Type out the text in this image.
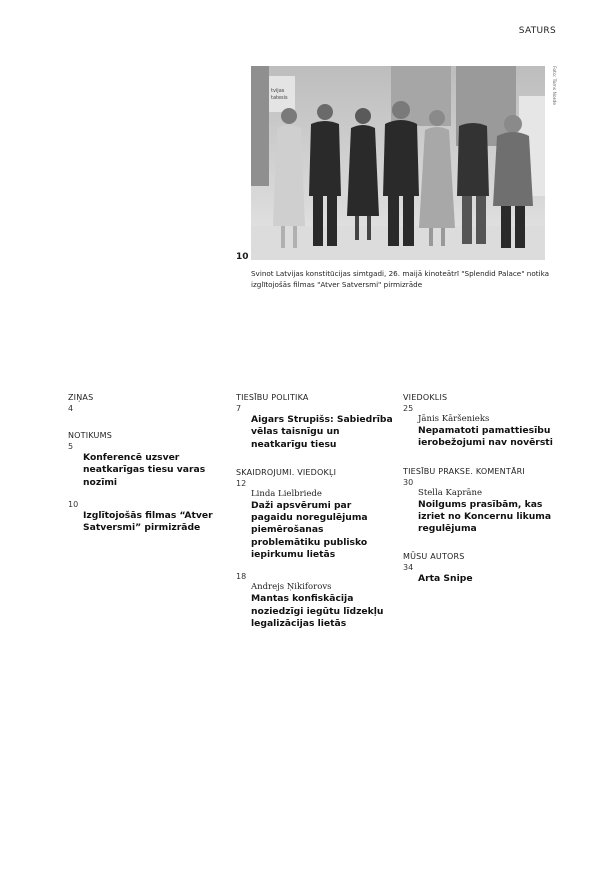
SATURS
tvijas
tatesis	Foto: Toms Norde
10
Svinot Latvijas konstitūcijas simtgadi, 26. maijā kinoteātrī "Splendid Palace" notika izglītojošās filmas "Atver Satversmi" pirmizrāde
ZIŅAS
4
NOTIKUMS
5
Konferencē uzsver neatkarīgas tiesu varas nozīmi
10
Izglītojošās filmas “Atver Satversmi” pirmizrāde
TIESĪBU POLITIKA
7
Aigars Strupišs: Sabiedrība vēlas taisnīgu un neatkarīgu tiesu
SKAIDROJUMI. VIEDOKĻI
12
Linda Lielbriede
Daži apsvērumi par pagaidu noregulējuma piemērošanas problemātiku publisko iepirkumu lietās
18
Andrejs Ņikiforovs
Mantas konfiskācija noziedzīgi iegūtu līdzekļu legalizācijas lietās
VIEDOKLIS
25
Jānis Kāršenieks
Nepamatoti pamattiesību ierobežojumi nav novērsti
TIESĪBU PRAKSE. KOMENTĀRI
30
Stella Kaprāne
Noilgums prasībām, kas izriet no Koncernu likuma regulējuma
MŪSU AUTORS
34
Arta Snipe
